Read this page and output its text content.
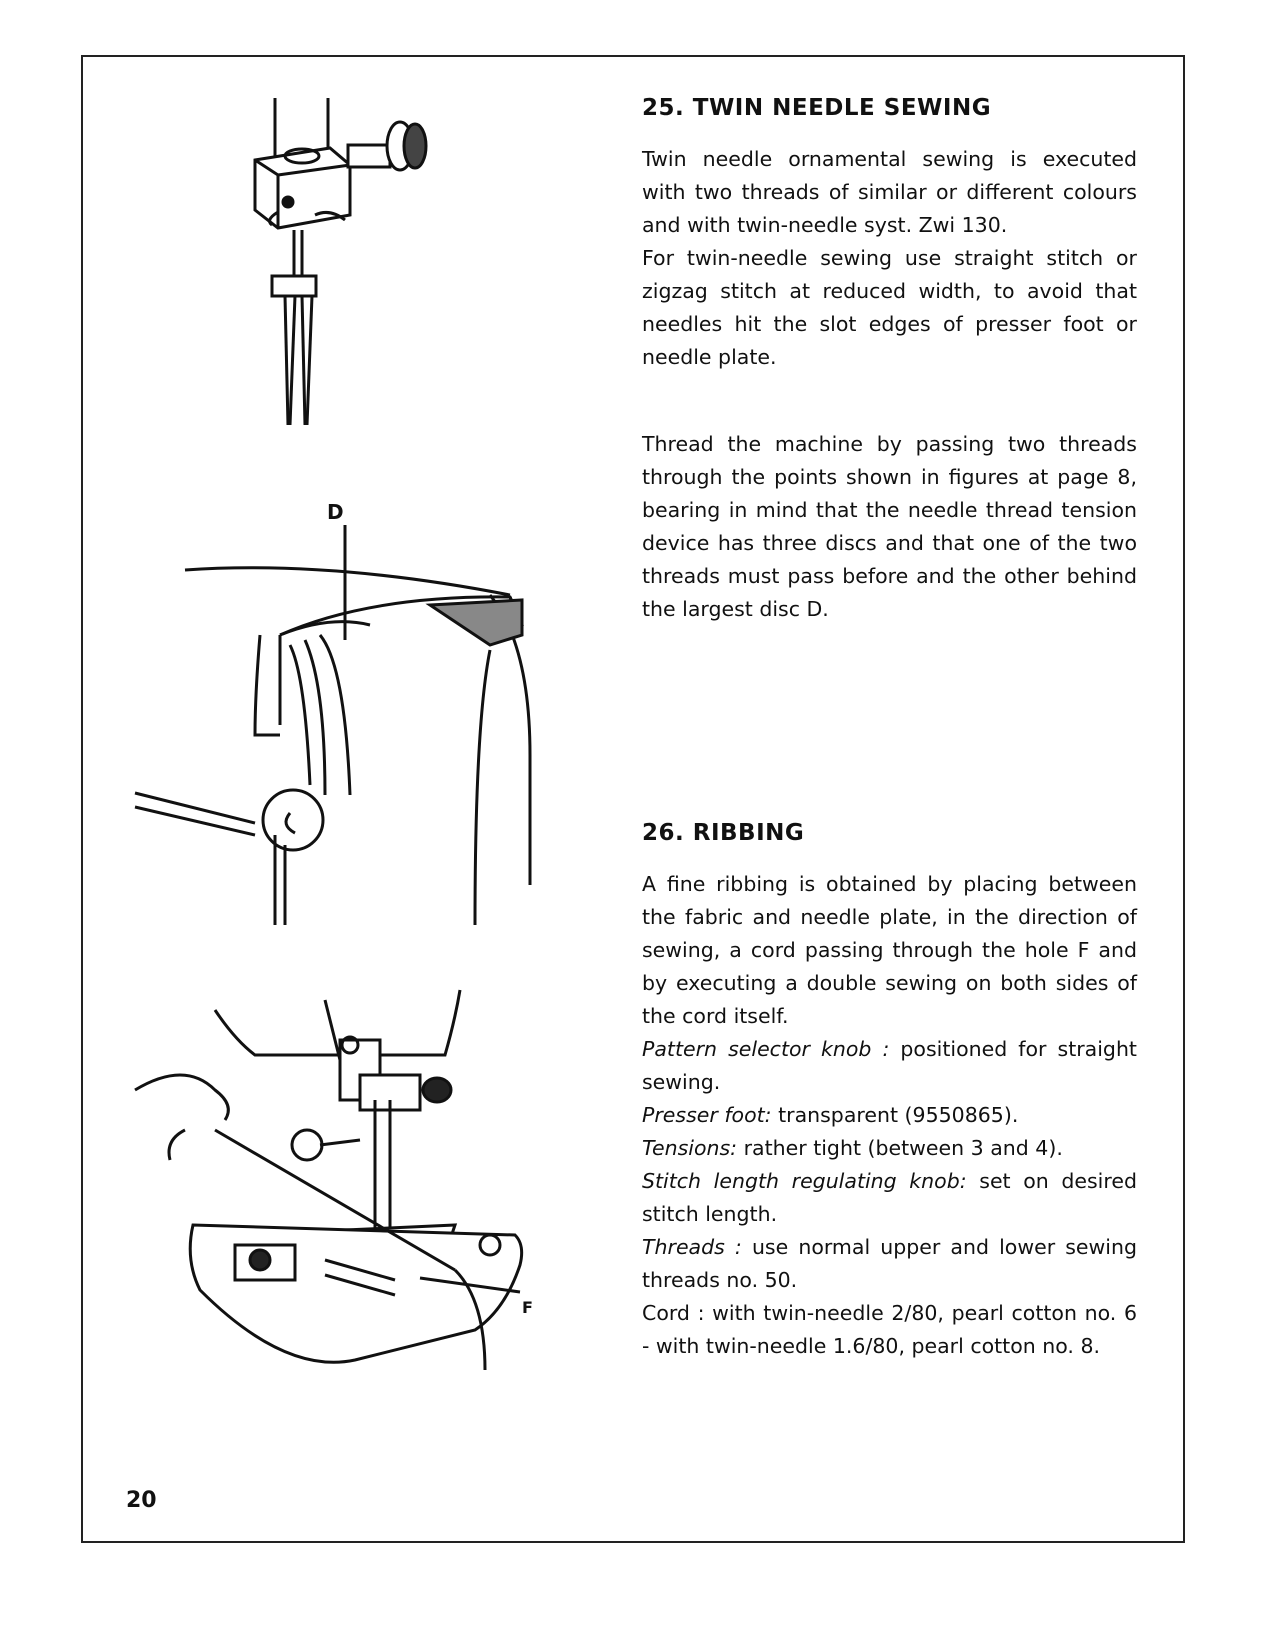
D
F
25. TWIN NEEDLE SEWING

Twin needle ornamental sewing is executed with two threads of similar or different colours and with twin-needle syst. Zwi 130.

For twin-needle sewing use straight stitch or zigzag stitch at reduced width, to avoid that needles hit the slot edges of presser foot or needle plate.

Thread the machine by passing two threads through the points shown in figures at page 8, bearing in mind that the needle thread tension device has three discs and that one of the two threads must pass before and the other behind the largest disc D.

26. RIBBING

A fine ribbing is obtained by placing between the fabric and needle plate, in the direction of sewing, a cord passing through the hole F and by executing a double sewing on both sides of the cord itself.

Pattern selector knob : positioned for straight sewing.

Presser foot: transparent (9550865).

Tensions: rather tight (between 3 and 4).

Stitch length regulating knob: set on desired stitch length.

Threads : use normal upper and lower sewing threads no. 50.

Cord : with twin-needle 2/80, pearl cotton no. 6 - with twin-needle 1.6/80, pearl cotton no. 8.

20
